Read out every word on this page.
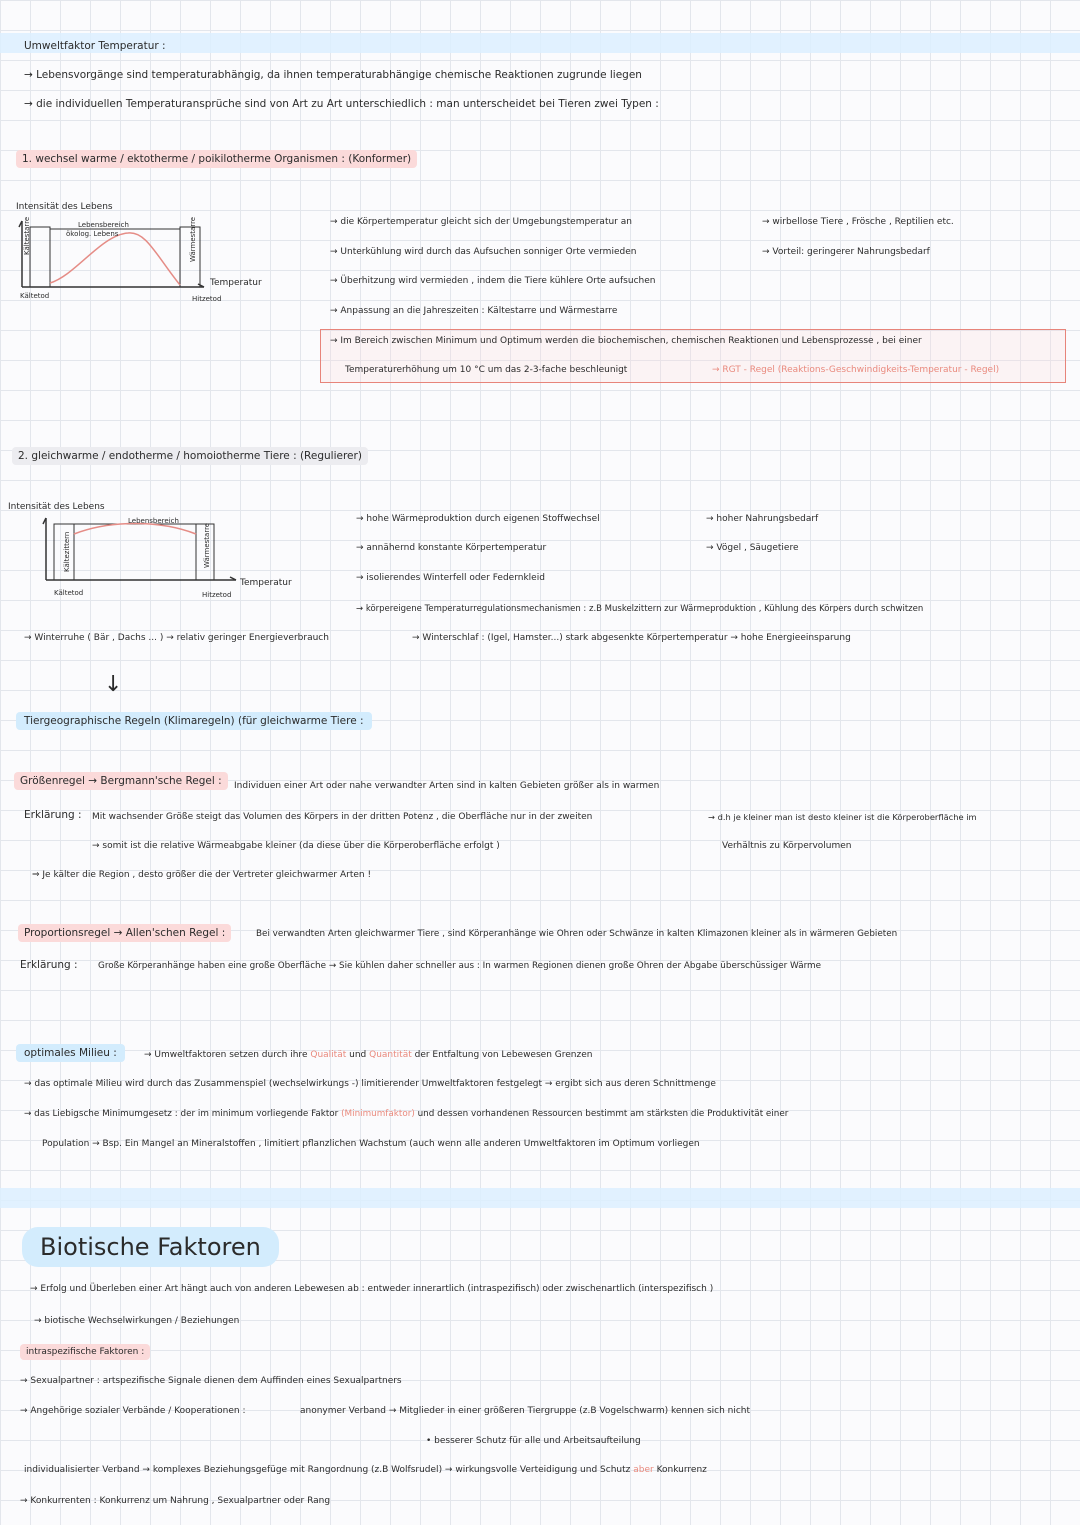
Umweltfaktor Temperatur :
→ Lebensvorgänge sind temperaturabhängig, da ihnen temperaturabhängige chemische Reaktionen zugrunde liegen
→ die individuellen Temperaturansprüche sind von Art zu Art unterschiedlich : man unterscheidet bei Tieren zwei Typen :
1. wechsel warme / ektotherme / poikilotherme Organismen : (Konformer)
Intensität des Lebens
Lebensbereich
ökolog. Lebens
Kältestarre	Wärmestarre
Kältetod	Hitzetod
Temperatur
→ die Körpertemperatur gleicht sich der Umgebungstemperatur an
→ Unterkühlung wird durch das Aufsuchen sonniger Orte vermieden
→ Überhitzung wird vermieden , indem die Tiere kühlere Orte aufsuchen
→ Anpassung an die Jahreszeiten : Kältestarre und Wärmestarre
→ Im Bereich zwischen Minimum und Optimum werden die biochemischen, chemischen Reaktionen und Lebensprozesse , bei einer
Temperaturerhöhung um 10 °C um das 2-3-fache beschleunigt	→ RGT - Regel (Reaktions-Geschwindigkeits-Temperatur - Regel)
→ wirbellose Tiere , Frösche , Reptilien etc.
→ Vorteil: geringerer Nahrungsbedarf
2. gleichwarme / endotherme / homoiotherme Tiere : (Regulierer)
Intensität des Lebens
Lebensbereich
Kältezittern	Wärmestarre
Kältetod	Hitzetod
Temperatur
→ hohe Wärmeproduktion durch eigenen Stoffwechsel
→ annähernd konstante Körpertemperatur
→ isolierendes Winterfell oder Federnkleid
→ körpereigene Temperaturregulationsmechanismen : z.B Muskelzittern zur Wärmeproduktion , Kühlung des Körpers durch schwitzen
→ hoher Nahrungsbedarf
→ Vögel , Säugetiere
→ Winterruhe ( Bär , Dachs ... ) → relativ geringer Energieverbrauch	→ Winterschlaf : (Igel, Hamster...) stark abgesenkte Körpertemperatur → hohe Energieeinsparung
↓
Tiergeographische Regeln (Klimaregeln) (für gleichwarme Tiere :
Größenregel → Bergmann'sche Regel :	Individuen einer Art oder nahe verwandter Arten sind in kalten Gebieten größer als in warmen
Erklärung : Mit wachsender Größe steigt das Volumen des Körpers in der dritten Potenz , die Oberfläche nur in der zweiten	→ d.h je kleiner man ist desto kleiner ist die Körperoberfläche im
→ somit ist die relative Wärmeabgabe kleiner (da diese über die Körperoberfläche erfolgt )	Verhältnis zu Körpervolumen
⇒ Je kälter die Region , desto größer die der Vertreter gleichwarmer Arten !
Proportionsregel → Allen'schen Regel :	Bei verwandten Arten gleichwarmer Tiere , sind Körperanhänge wie Ohren oder Schwänze in kalten Klimazonen kleiner als in wärmeren Gebieten
Erklärung : Große Körperanhänge haben eine große Oberfläche → Sie kühlen daher schneller aus : In warmen Regionen dienen große Ohren der Abgabe überschüssiger Wärme
optimales Milieu :	→ Umweltfaktoren setzen durch ihre Qualität und Quantität der Entfaltung von Lebewesen Grenzen
→ das optimale Milieu wird durch das Zusammenspiel (wechselwirkungs -) limitierender Umweltfaktoren festgelegt → ergibt sich aus deren Schnittmenge
→ das Liebigsche Minimumgesetz : der im minimum vorliegende Faktor (Minimumfaktor) und dessen vorhandenen Ressourcen bestimmt am stärksten die Produktivität einer
Population → Bsp. Ein Mangel an Mineralstoffen , limitiert pflanzlichen Wachstum (auch wenn alle anderen Umweltfaktoren im Optimum vorliegen
Biotische Faktoren
→ Erfolg und Überleben einer Art hängt auch von anderen Lebewesen ab : entweder innerartlich (intraspezifisch) oder zwischenartlich (interspezifisch )
→ biotische Wechselwirkungen / Beziehungen
intraspezifische Faktoren :
→ Sexualpartner : artspezifische Signale dienen dem Auffinden eines Sexualpartners
→ Angehörige sozialer Verbände / Kooperationen :	anonymer Verband → Mitglieder in einer größeren Tiergruppe (z.B Vogelschwarm) kennen sich nicht
• besserer Schutz für alle und Arbeitsaufteilung
individualisierter Verband → komplexes Beziehungsgefüge mit Rangordnung (z.B Wolfsrudel) → wirkungsvolle Verteidigung und Schutz aber Konkurrenz
→ Konkurrenten : Konkurrenz um Nahrung , Sexualpartner oder Rang
